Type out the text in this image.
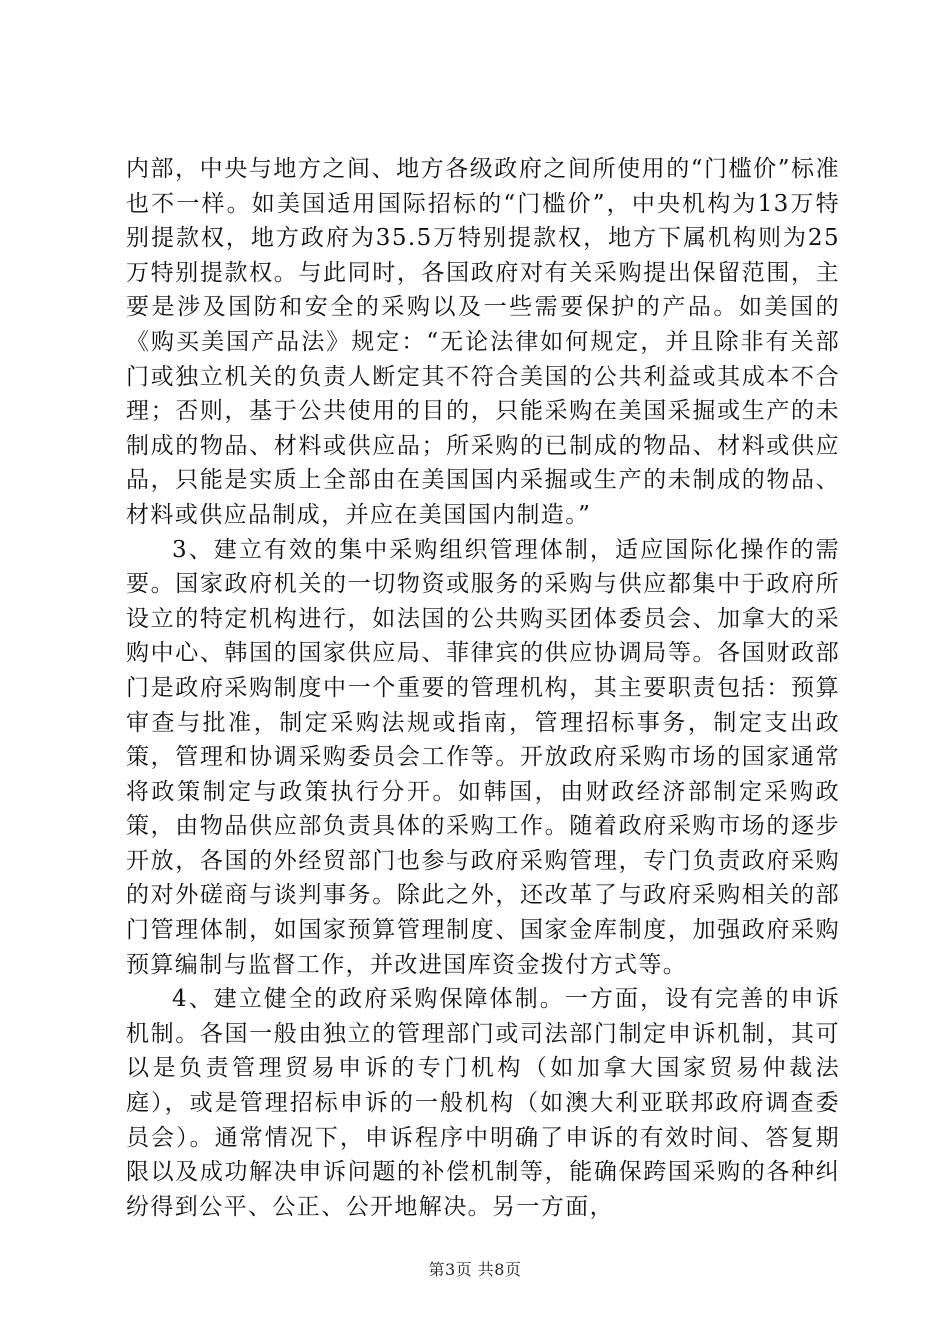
内部，中央与地方之间、地方各级政府之间所使用的“门槛价”标准也不一样。如美国适用国际招标的“门槛价”，中央机构为13万特别提款权，地方政府为35.5万特别提款权，地方下属机构则为25万特别提款权。与此同时，各国政府对有关采购提出保留范围，主要是涉及国防和安全的采购以及一些需要保护的产品。如美国的《购买美国产品法》规定：“无论法律如何规定，并且除非有关部门或独立机关的负责人断定其不符合美国的公共利益或其成本不合理；否则，基于公共使用的目的，只能采购在美国采掘或生产的未制成的物品、材料或供应品；所采购的已制成的物品、材料或供应品，只能是实质上全部由在美国国内采掘或生产的未制成的物品、材料或供应品制成，并应在美国国内制造。”

3、建立有效的集中采购组织管理体制，适应国际化操作的需要。国家政府机关的一切物资或服务的采购与供应都集中于政府所设立的特定机构进行，如法国的公共购买团体委员会、加拿大的采购中心、韩国的国家供应局、菲律宾的供应协调局等。各国财政部门是政府采购制度中一个重要的管理机构，其主要职责包括：预算审查与批准，制定采购法规或指南，管理招标事务，制定支出政策，管理和协调采购委员会工作等。开放政府采购市场的国家通常将政策制定与政策执行分开。如韩国，由财政经济部制定采购政策，由物品供应部负责具体的采购工作。随着政府采购市场的逐步开放，各国的外经贸部门也参与政府采购管理，专门负责政府采购的对外磋商与谈判事务。除此之外，还改革了与政府采购相关的部门管理体制，如国家预算管理制度、国家金库制度，加强政府采购预算编制与监督工作，并改进国库资金拨付方式等。

4、建立健全的政府采购保障体制。一方面，设有完善的申诉机制。各国一般由独立的管理部门或司法部门制定申诉机制，其可以是负责管理贸易申诉的专门机构（如加拿大国家贸易仲裁法庭），或是管理招标申诉的一般机构（如澳大利亚联邦政府调查委员会）。通常情况下，申诉程序中明确了申诉的有效时间、答复期限以及成功解决申诉问题的补偿机制等，能确保跨国采购的各种纠纷得到公平、公正、公开地解决。另一方面，

第3页 共8页
